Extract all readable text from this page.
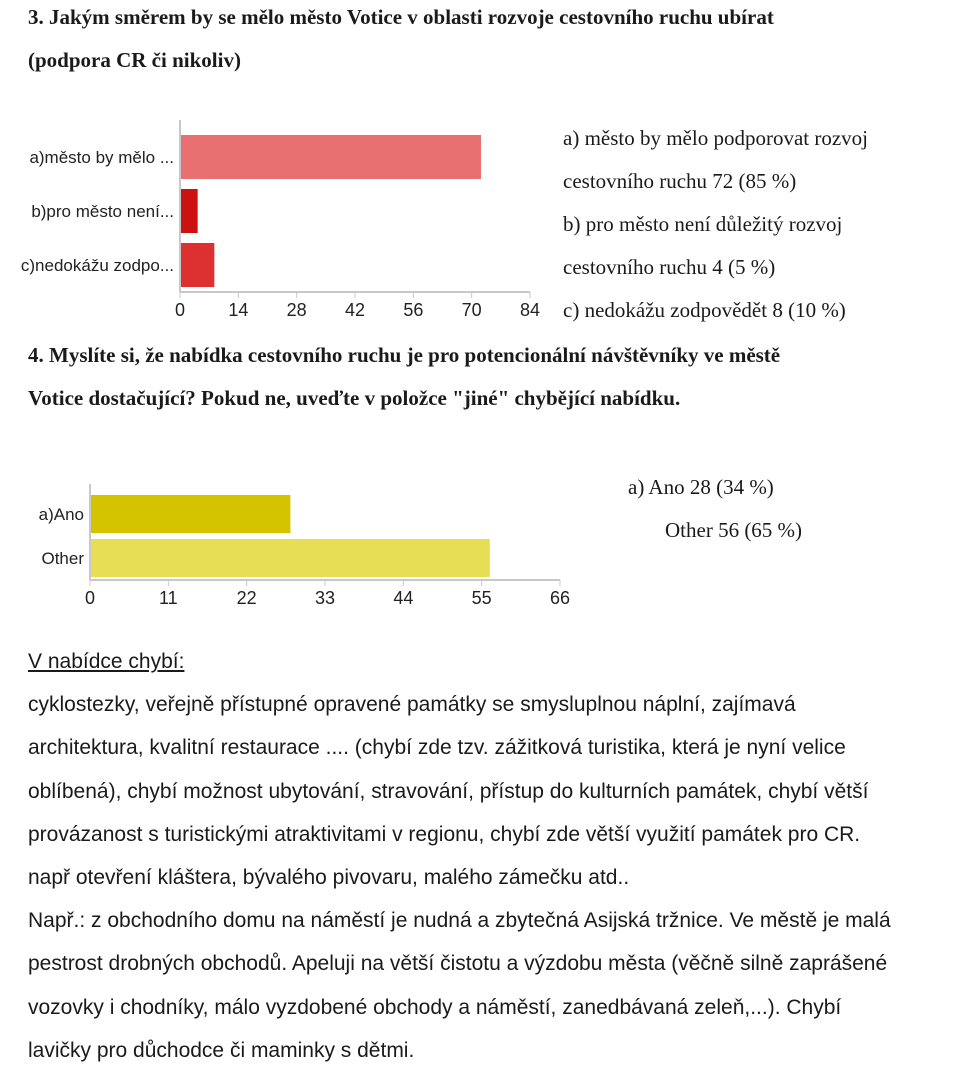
3. Jakým směrem by se mělo město Votice v oblasti rozvoje cestovního ruchu ubírat
(podpora CR či nikoliv)
a)město by mělo ...
b)pro město není...
c)nedokážu zodpo...
0 14 28 42 56 70 84
a) město by mělo podporovat rozvoj
cestovního ruchu 72 (85 %)
b) pro město není důležitý rozvoj
cestovního ruchu 4 (5 %)
c) nedokážu zodpovědět 8 (10 %)
4. Myslíte si, že nabídka cestovního ruchu je pro potencionální návštěvníky ve městě
Votice dostačující? Pokud ne, uveďte v položce "jiné" chybějící nabídku.
a)Ano
Other
0	11	22	33	44	55	66
a) Ano 28 (34 %)
Other 56 (65 %)
V nabídce chybí:
cyklostezky, veřejně přístupné opravené památky se smysluplnou náplní, zajímavá
architektura, kvalitní restaurace .... (chybí zde tzv. zážitková turistika, která je nyní velice
oblíbená), chybí možnost ubytování, stravování, přístup do kulturních památek, chybí větší
provázanost s turistickými atraktivitami v regionu, chybí zde větší využití památek pro CR.
např otevření kláštera, bývalého pivovaru, malého zámečku atd..
Např.: z obchodního domu na náměstí je nudná a zbytečná Asijská tržnice. Ve městě je malá
pestrost drobných obchodů. Apeluji na větší čistotu a výzdobu města (věčně silně zaprášené
vozovky i chodníky, málo vyzdobené obchody a náměstí, zanedbávaná zeleň,...). Chybí
lavičky pro důchodce či maminky s dětmi.
